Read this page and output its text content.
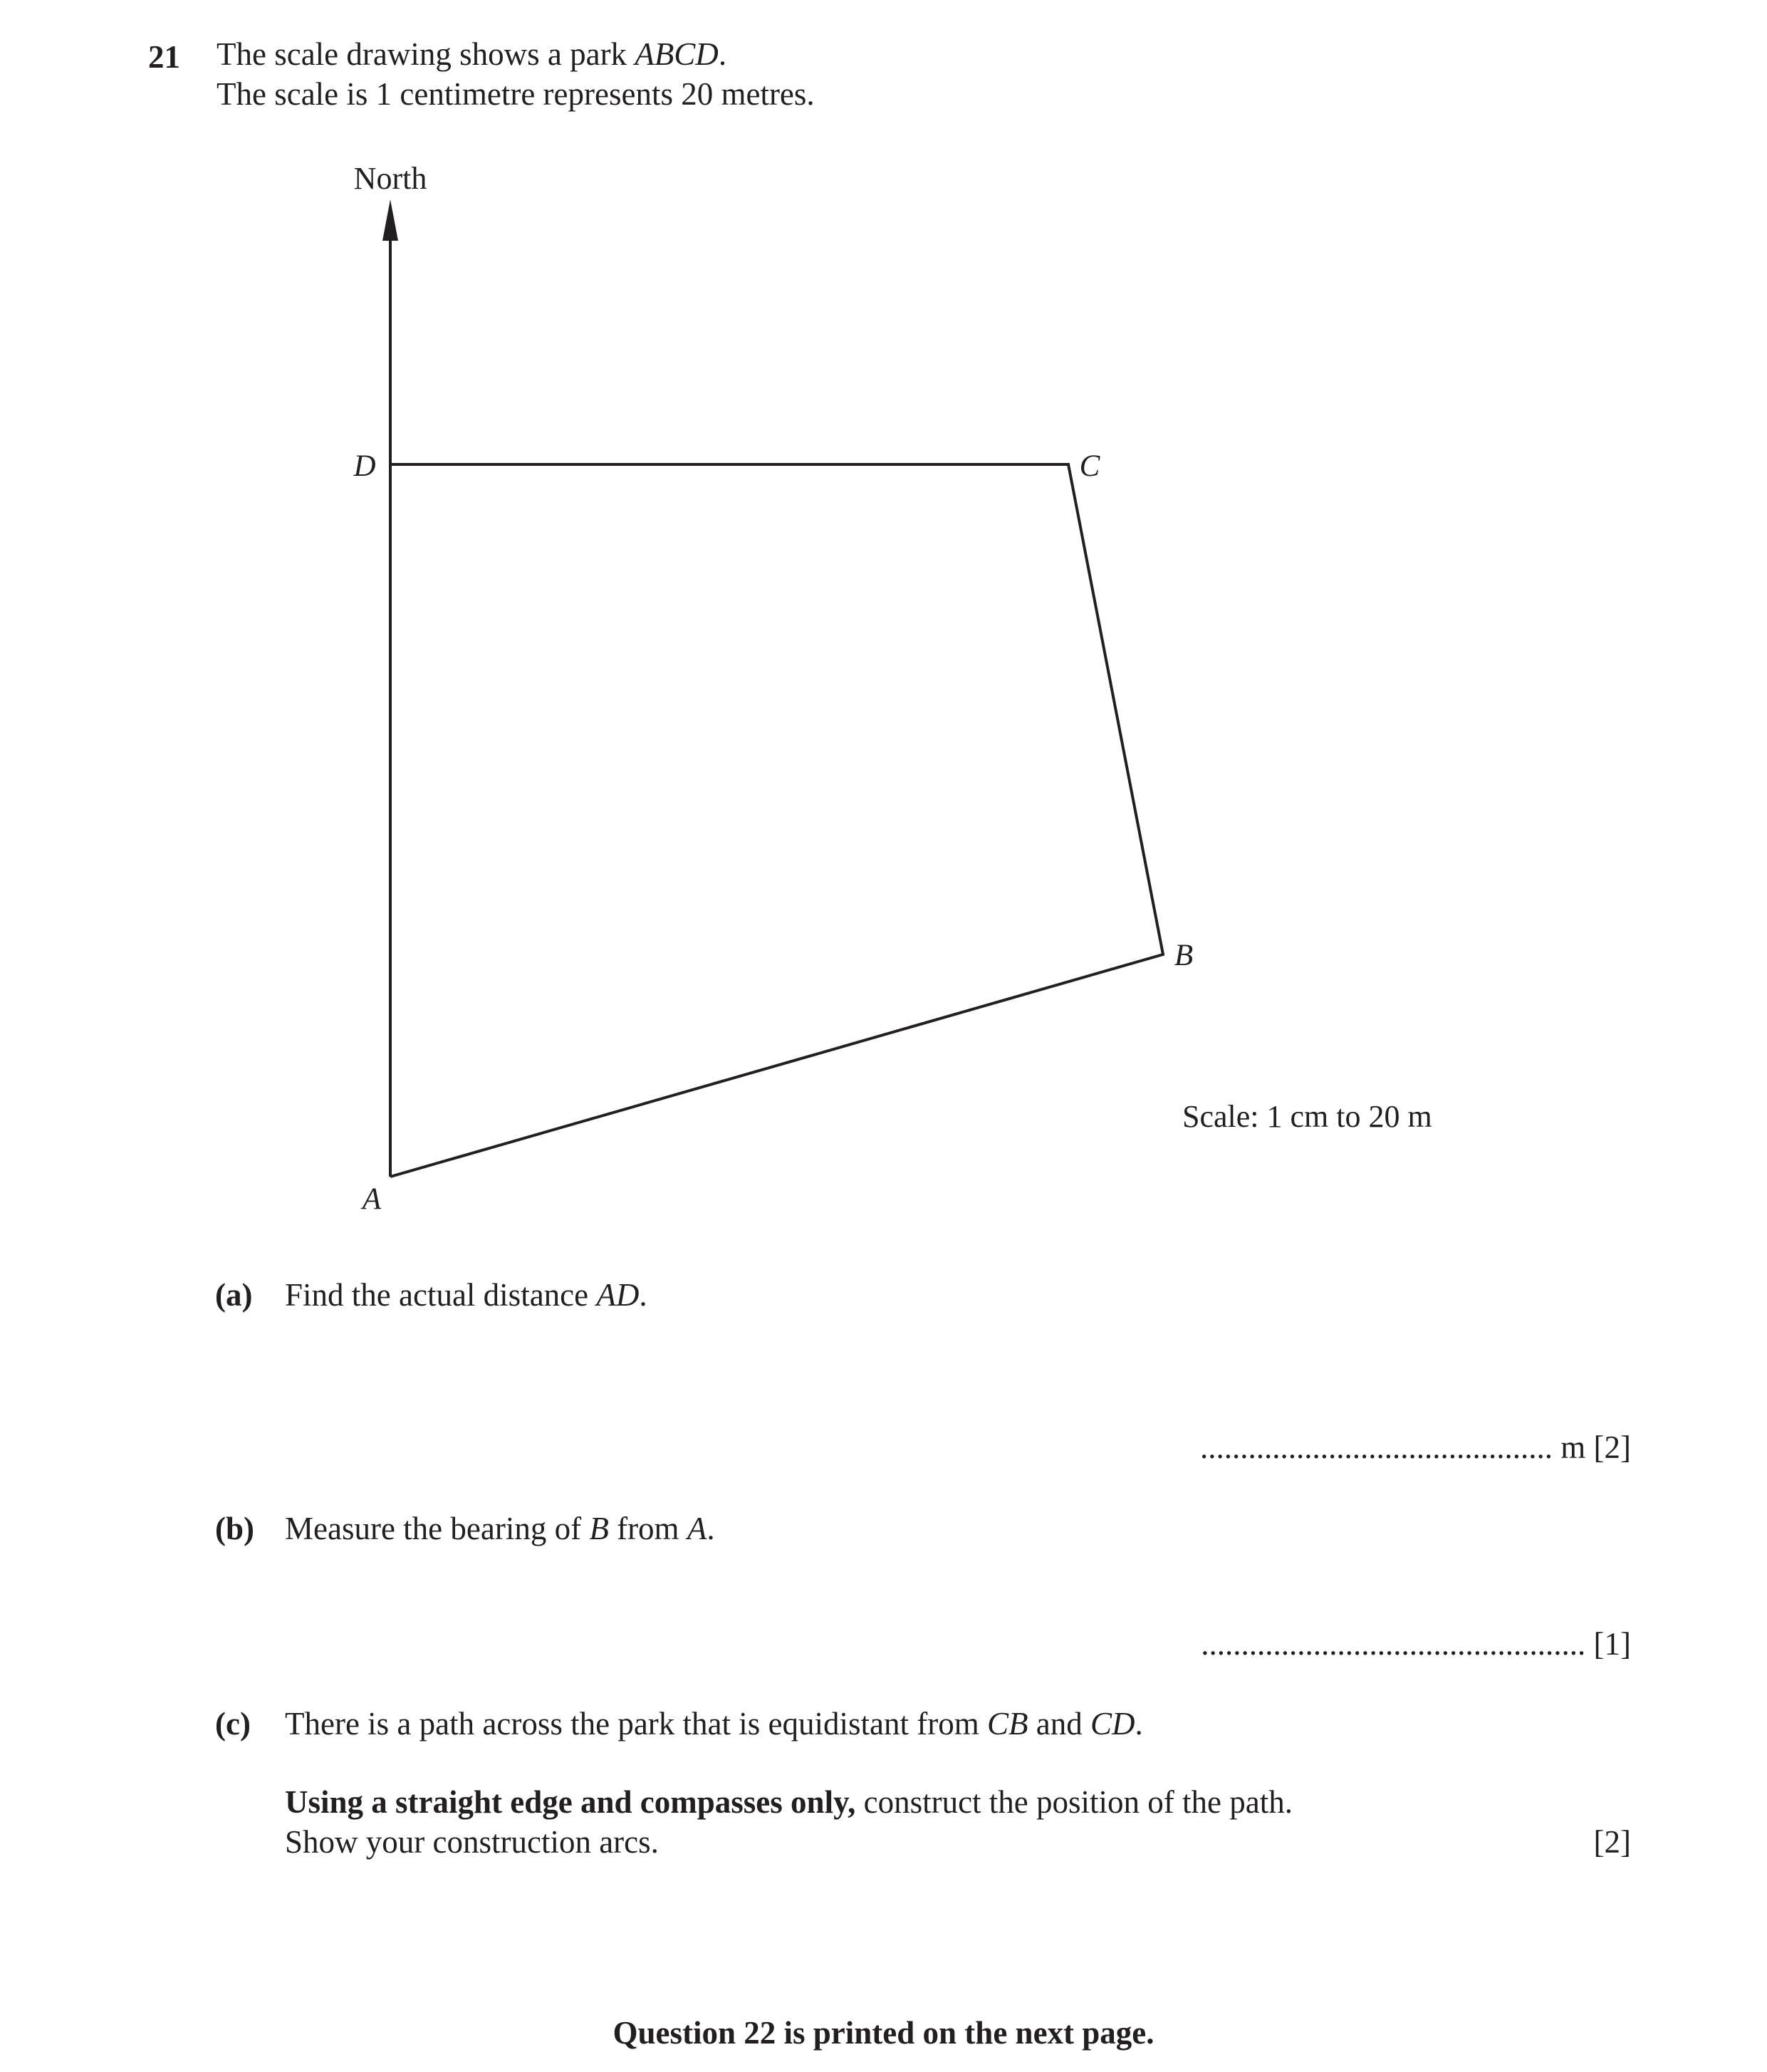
21 The scale drawing shows a park ABCD.
The scale is 1 centimetre represents 20 metres.
North
A
B
C
D
Scale: 1 cm to 20 m
(a) Find the actual distance AD.
............................................ m [2]
(b) Measure the bearing of B from A.
................................................ [1]
(c) There is a path across the park that is equidistant from CB and CD.
Using a straight edge and compasses only, construct the position of the path.
Show your construction arcs.	[2]
Question 22 is printed on the next page.
